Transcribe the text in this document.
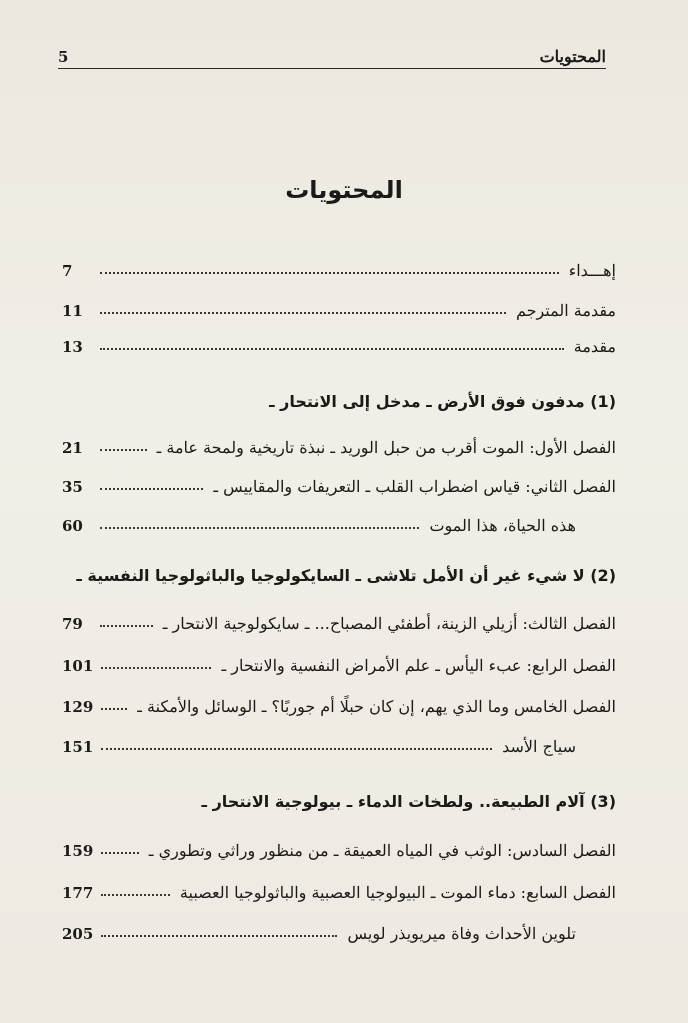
المحتويات
5
المحتويات
إهـــداء
7
مقدمة المترجم
11
مقدمة
13
(1) مدفون فوق الأرض ـ مدخل إلى الانتحار ـ
الفصل الأول: الموت أقرب من حبل الوريد ـ نبذة تاريخية ولمحة عامة ـ
21
الفصل الثاني: قياس اضطراب القلب ـ التعريفات والمقاييس ـ
35
هذه الحياة، هذا الموت
60
(2) لا شيء غير أن الأمل تلاشى ـ السايكولوجيا والباثولوجيا النفسية ـ
الفصل الثالث: أزيلي الزينة، أطفئي المصباح... ـ سايكولوجية الانتحار ـ
79
الفصل الرابع: عبء اليأس ـ علم الأمراض النفسية والانتحار ـ
101
الفصل الخامس وما الذي يهم، إن كان حبلًا أم جوربًا؟ ـ الوسائل والأمكنة ـ
129
سياج الأسد
151
(3) آلام الطبيعة.. ولطخات الدماء ـ بيولوجية الانتحار ـ
الفصل السادس: الوثب في المياه العميقة ـ من منظور وراثي وتطوري ـ
159
الفصل السابع: دماء الموت ـ البيولوجيا العصبية والباثولوجيا العصبية
177
تلوين الأحداث وفاة ميريويذر لويس
205
